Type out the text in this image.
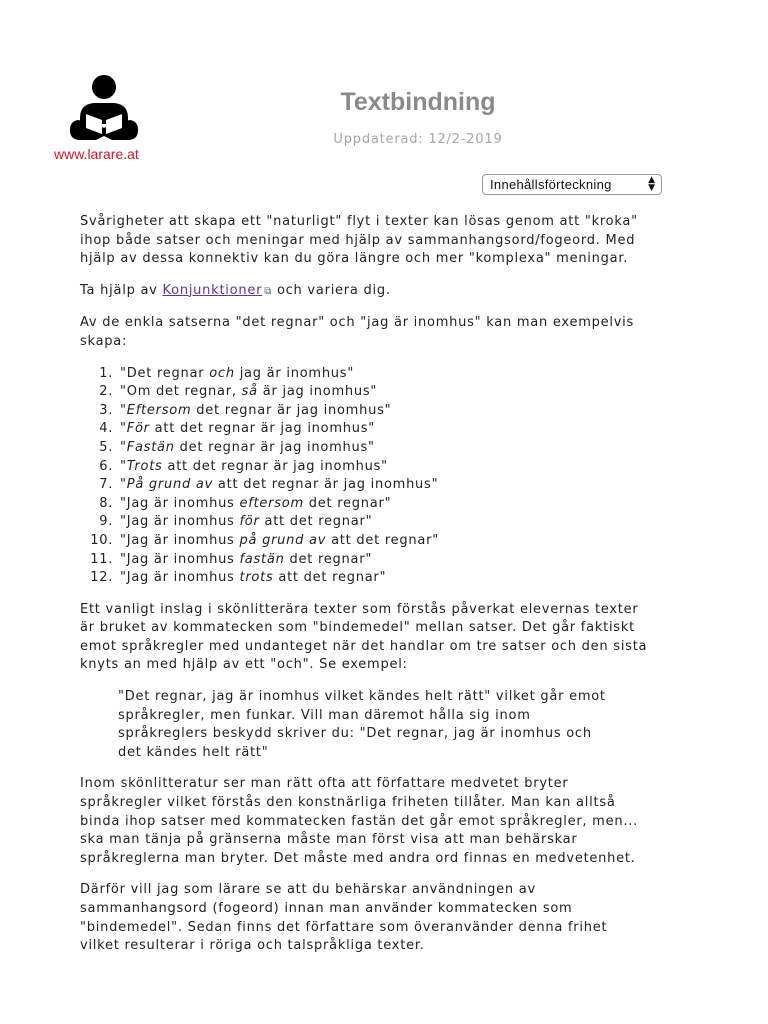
www.larare.at
Textbindning
Uppdaterad: 12/2-2019
Innehållsförteckning	▲
▼

Svårigheter att skapa ett "naturligt" flyt i texter kan lösas genom att "kroka" ihop både satser och meningar med hjälp av sammanhangsord/fogeord. Med hjälp av dessa konnektiv kan du göra längre och mer "komplexa" meningar.

Ta hjälp av Konjunktioner ⧉ och variera dig.

Av de enkla satserna "det regnar" och "jag är inomhus" kan man exempelvis skapa:

1. "Det regnar och jag är inomhus"
2. "Om det regnar, så är jag inomhus"
3. "Eftersom det regnar är jag inomhus"
4. "För att det regnar är jag inomhus"
5. "Fastän det regnar är jag inomhus"
6. "Trots att det regnar är jag inomhus"
7. "På grund av att det regnar är jag inomhus"
8. "Jag är inomhus eftersom det regnar"
9. "Jag är inomhus för att det regnar"
10. "Jag är inomhus på grund av att det regnar"
11. "Jag är inomhus fastän det regnar"
12. "Jag är inomhus trots att det regnar"

Ett vanligt inslag i skönlitterära texter som förstås påverkat elevernas texter är bruket av kommatecken som "bindemedel" mellan satser. Det går faktiskt emot språkregler med undanteget när det handlar om tre satser och den sista knyts an med hjälp av ett "och". Se exempel:

"Det regnar, jag är inomhus vilket kändes helt rätt" vilket går emot språkregler, men funkar. Vill man däremot hålla sig inom språkreglers beskydd skriver du: "Det regnar, jag är inomhus och det kändes helt rätt"

Inom skönlitteratur ser man rätt ofta att författare medvetet bryter språkregler vilket förstås den konstnärliga friheten tillåter. Man kan alltså binda ihop satser med kommatecken fastän det går emot språkregler, men... ska man tänja på gränserna måste man först visa att man behärskar språkreglerna man bryter. Det måste med andra ord finnas en medvetenhet.

Därför vill jag som lärare se att du behärskar användningen av sammanhangsord (fogeord) innan man använder kommatecken som "bindemedel". Sedan finns det författare som överanvänder denna frihet vilket resulterar i röriga och talspråkliga texter.
